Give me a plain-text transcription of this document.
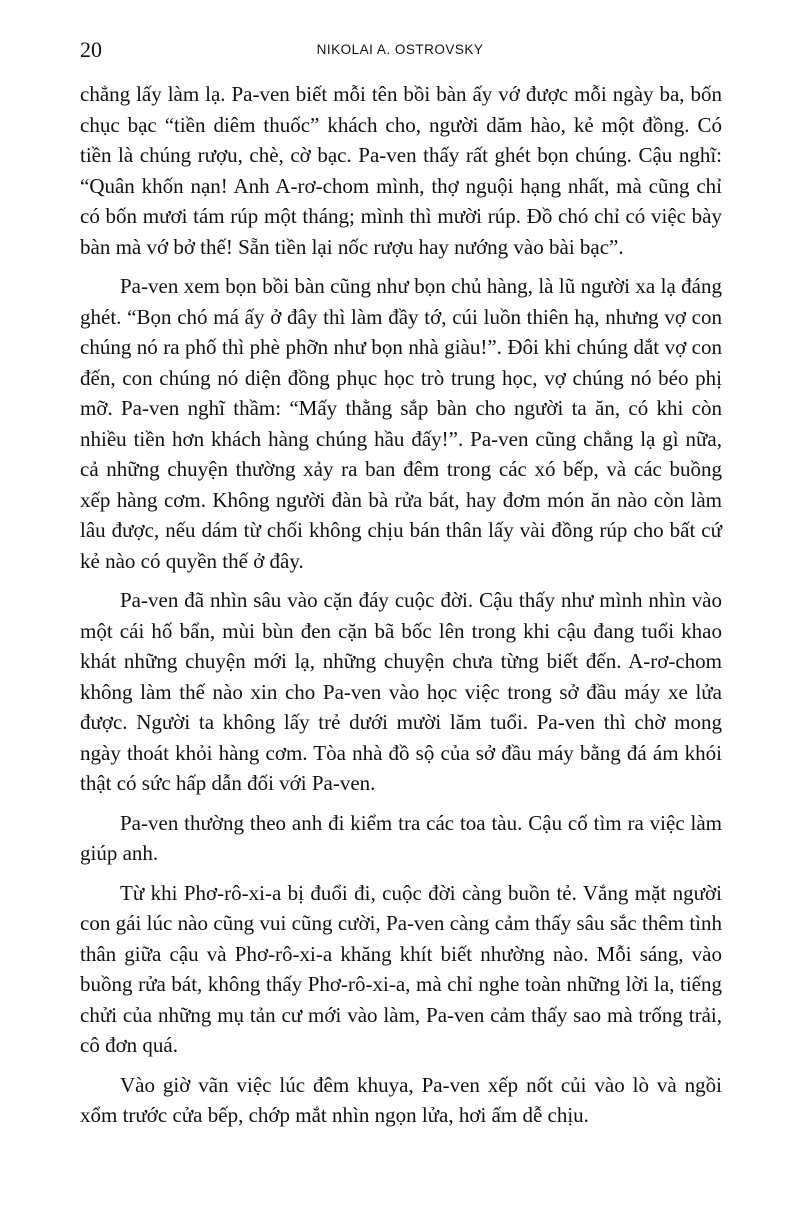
20	NIKOLAI A. OSTROVSKY

chẳng lấy làm lạ. Pa-ven biết mỗi tên bồi bàn ấy vớ được mỗi ngày ba, bốn chục bạc “tiền diêm thuốc” khách cho, người dăm hào, kẻ một đồng. Có tiền là chúng rượu, chè, cờ bạc. Pa-ven thấy rất ghét bọn chúng. Cậu nghĩ: “Quân khốn nạn! Anh A-rơ-chom mình, thợ nguội hạng nhất, mà cũng chỉ có bốn mươi tám rúp một tháng; mình thì mười rúp. Đồ chó chỉ có việc bày bàn mà vớ bở thế! Sẵn tiền lại nốc rượu hay nướng vào bài bạc”.

Pa-ven xem bọn bồi bàn cũng như bọn chủ hàng, là lũ người xa lạ đáng ghét. “Bọn chó má ấy ở đây thì làm đầy tớ, cúi luồn thiên hạ, nhưng vợ con chúng nó ra phố thì phè phỡn như bọn nhà giàu!”. Đôi khi chúng dắt vợ con đến, con chúng nó diện đồng phục học trò trung học, vợ chúng nó béo phị mỡ. Pa-ven nghĩ thầm: “Mấy thằng sắp bàn cho người ta ăn, có khi còn nhiều tiền hơn khách hàng chúng hầu đấy!”. Pa-ven cũng chẳng lạ gì nữa, cả những chuyện thường xảy ra ban đêm trong các xó bếp, và các buồng xếp hàng cơm. Không người đàn bà rửa bát, hay đơm món ăn nào còn làm lâu được, nếu dám từ chối không chịu bán thân lấy vài đồng rúp cho bất cứ kẻ nào có quyền thế ở đây.

Pa-ven đã nhìn sâu vào cặn đáy cuộc đời. Cậu thấy như mình nhìn vào một cái hố bẩn, mùi bùn đen cặn bã bốc lên trong khi cậu đang tuổi khao khát những chuyện mới lạ, những chuyện chưa từng biết đến. A-rơ-chom không làm thế nào xin cho Pa-ven vào học việc trong sở đầu máy xe lửa được. Người ta không lấy trẻ dưới mười lăm tuổi. Pa-ven thì chờ mong ngày thoát khỏi hàng cơm. Tòa nhà đồ sộ của sở đầu máy bằng đá ám khói thật có sức hấp dẫn đối với Pa-ven.

Pa-ven thường theo anh đi kiểm tra các toa tàu. Cậu cố tìm ra việc làm giúp anh.

Từ khi Phơ-rô-xi-a bị đuổi đi, cuộc đời càng buồn tẻ. Vắng mặt người con gái lúc nào cũng vui cũng cười, Pa-ven càng cảm thấy sâu sắc thêm tình thân giữa cậu và Phơ-rô-xi-a khăng khít biết nhường nào. Mỗi sáng, vào buồng rửa bát, không thấy Phơ-rô-xi-a, mà chỉ nghe toàn những lời la, tiếng chửi của những mụ tản cư mới vào làm, Pa-ven cảm thấy sao mà trống trải, cô đơn quá.

Vào giờ vãn việc lúc đêm khuya, Pa-ven xếp nốt củi vào lò và ngồi xổm trước cửa bếp, chớp mắt nhìn ngọn lửa, hơi ấm dễ chịu.
